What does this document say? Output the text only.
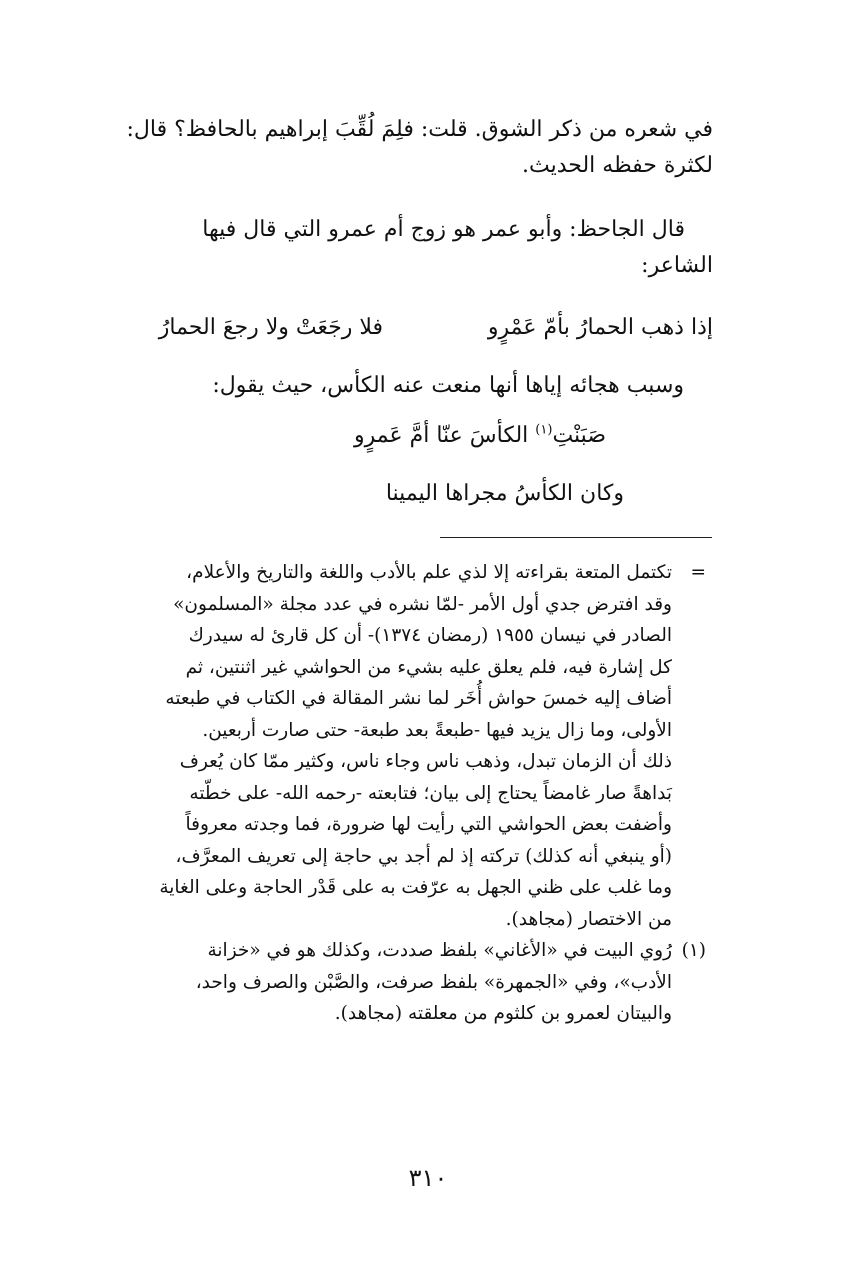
في شعره من ذكر الشوق. قلت: فلِمَ لُقِّبَ إبراهيم بالحافظ؟ قال:
لكثرة حفظه الحديث.
قال الجاحظ: وأبو عمر هو زوج أم عمرو التي قال فيها
الشاعر:
إذا ذهب الحمارُ بأمّ عَمْرٍو
فلا رجَعَتْ ولا رجعَ الحمارُ
وسبب هجائه إياها أنها منعت عنه الكأس، حيث يقول:
صَبَنْتِ$^{(١)}$ الكأسَ عنّا أمَّ عَمرٍو
وكان الكأسُ مجراها اليمينا
=
تكتمل المتعة بقراءته إلا لذي علم بالأدب واللغة والتاريخ والأعلام،
وقد افترض جدي أول الأمر -لمّا نشره في عدد مجلة «المسلمون»
الصادر في نيسان ١٩٥٥ (رمضان ١٣٧٤)- أن كل قارئ له سيدرك
كل إشارة فيه، فلم يعلق عليه بشيء من الحواشي غير اثنتين، ثم
أضاف إليه خمسَ حواش أُخَر لما نشر المقالة في الكتاب في طبعته
الأولى، وما زال يزيد فيها -طبعةً بعد طبعة- حتى صارت أربعين.
ذلك أن الزمان تبدل، وذهب ناس وجاء ناس، وكثير ممّا كان يُعرف
بَداهةً صار غامضاً يحتاج إلى بيان؛ فتابعته -رحمه الله- على خطّته
وأضفت بعض الحواشي التي رأيت لها ضرورة، فما وجدته معروفاً
(أو ينبغي أنه كذلك) تركته إذ لم أجد بي حاجة إلى تعريف المعرَّف،
وما غلب على ظني الجهل به عرّفت به على قَدْر الحاجة وعلى الغاية
من الاختصار (مجاهد).
(١)
رُوي البيت في «الأغاني» بلفظ صددت، وكذلك هو في «خزانة
الأدب»، وفي «الجمهرة» بلفظ صرفت، والصَّبْن والصرف واحد،
والبيتان لعمرو بن كلثوم من معلقته (مجاهد).
٣١٠
